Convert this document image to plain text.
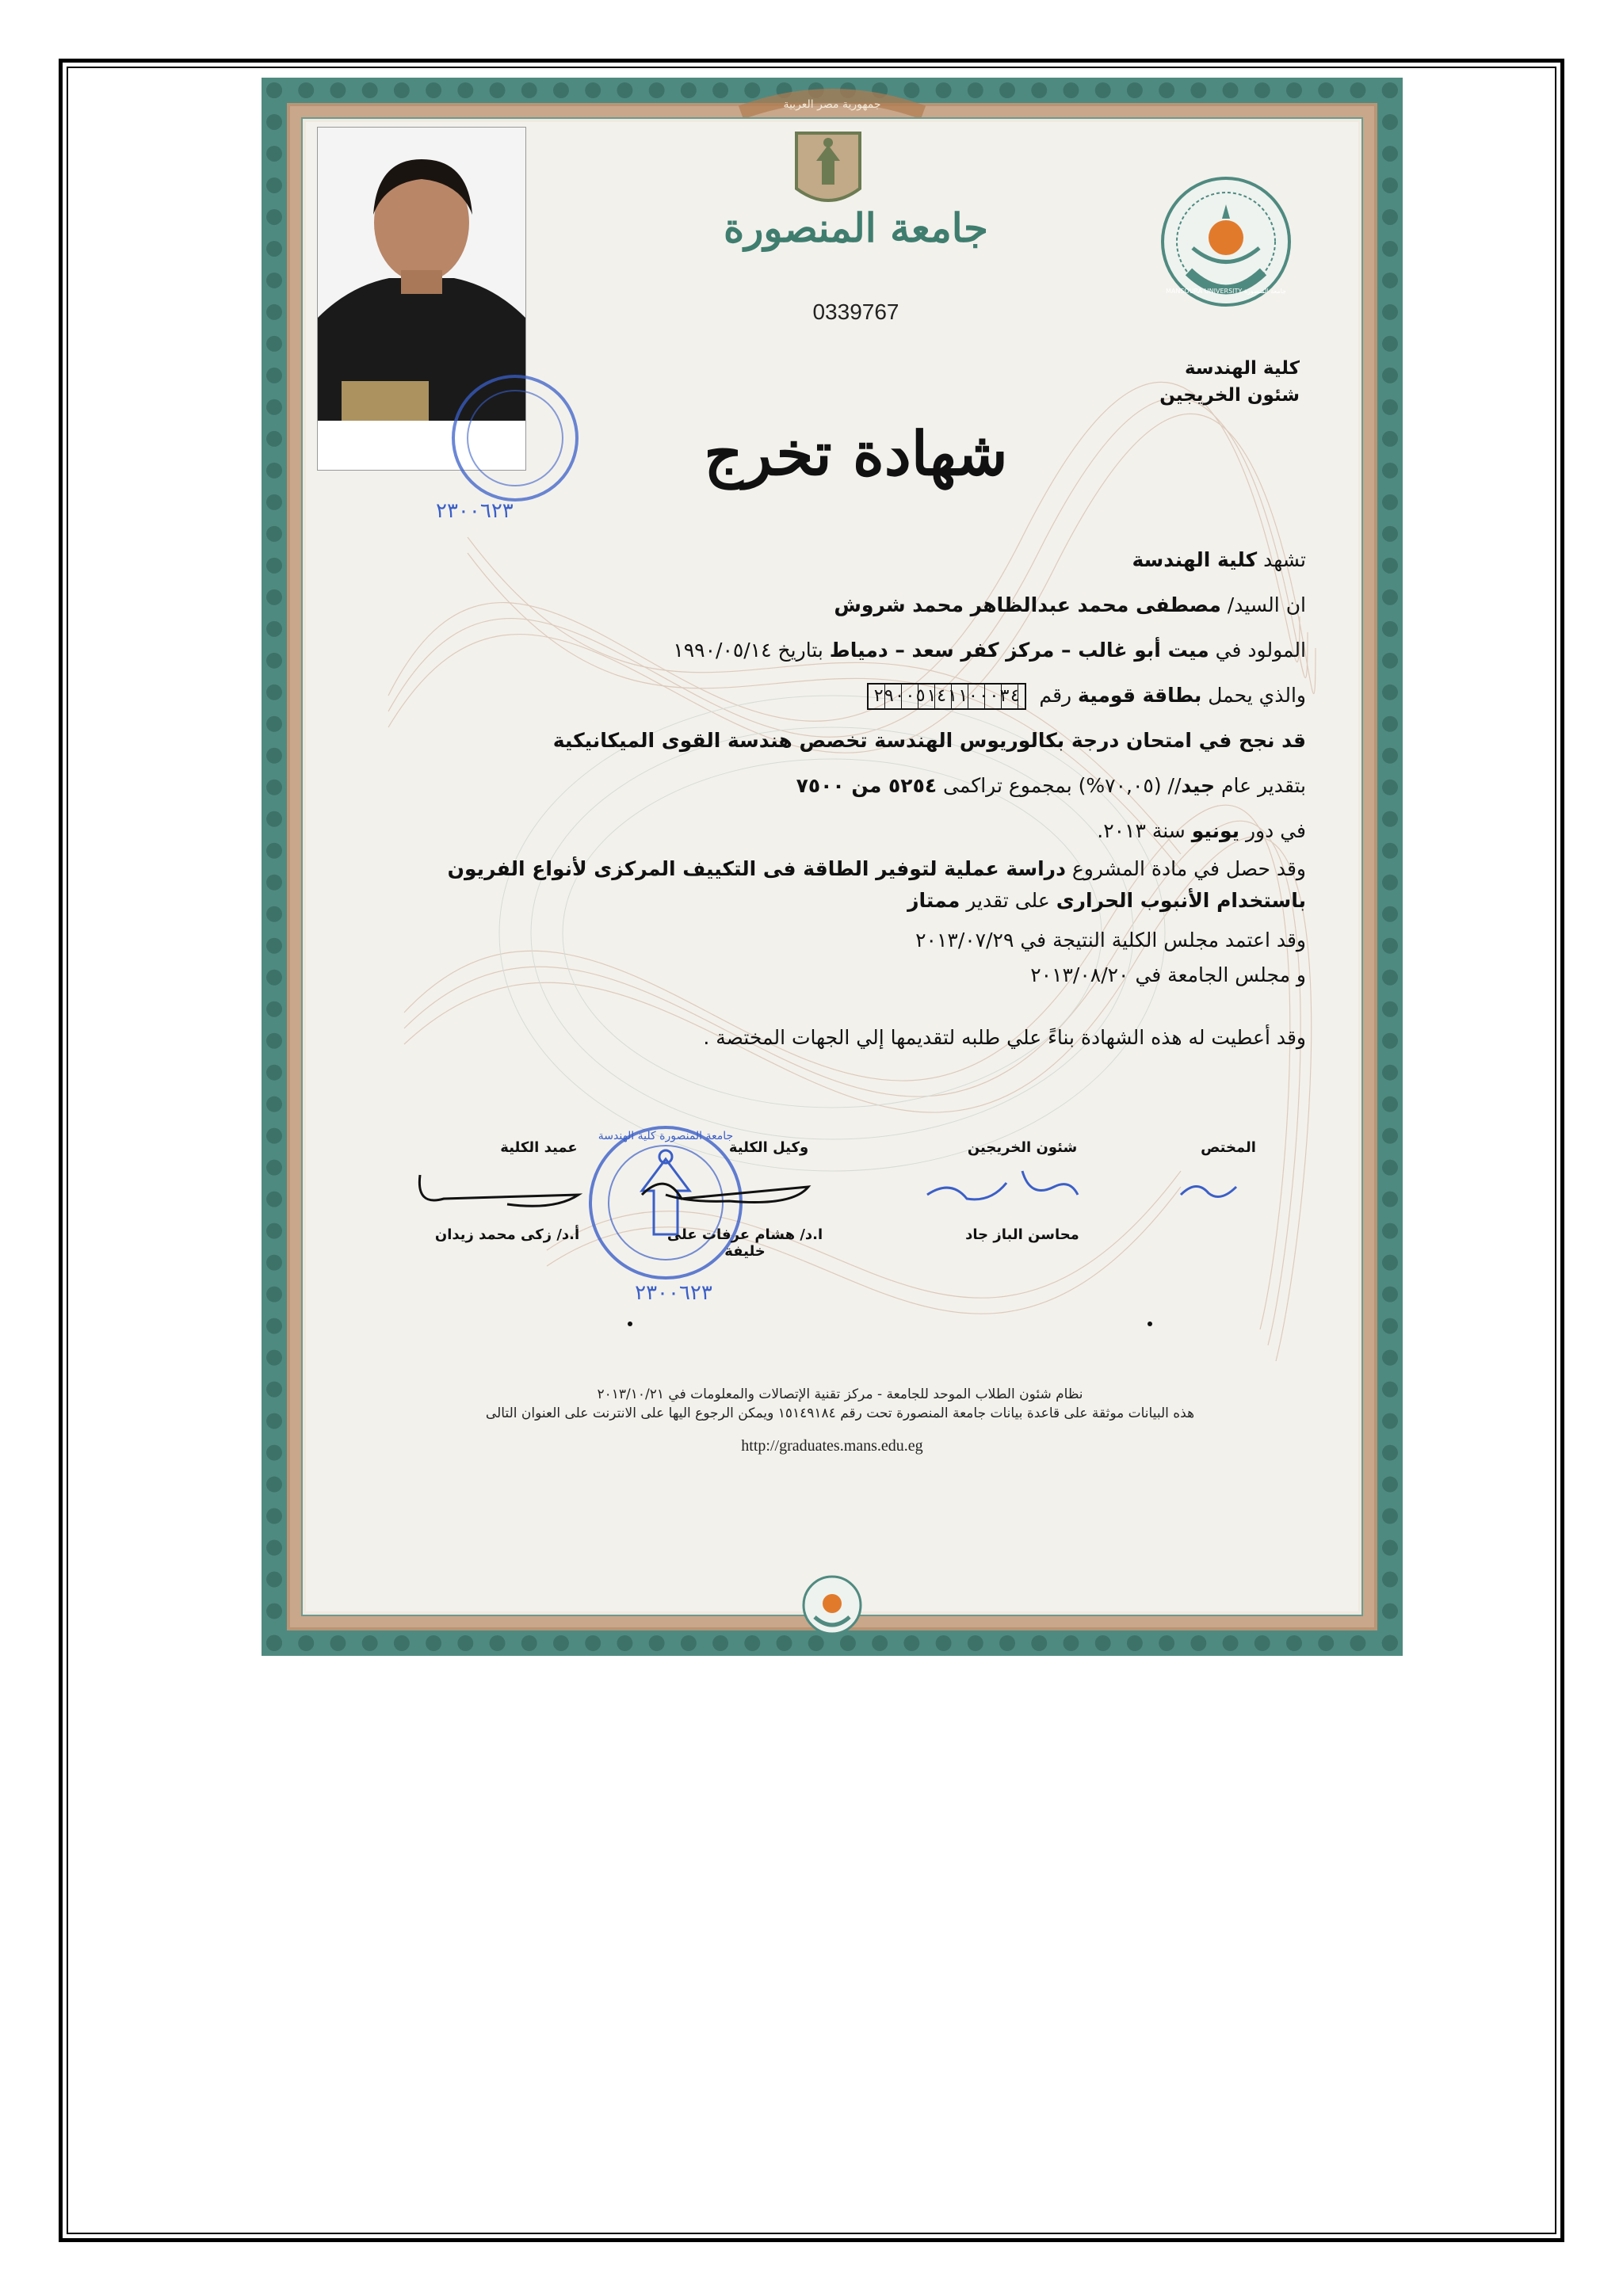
جمهورية مصر العربية
جامعة المنصورة
MANSOURA UNIVERSITY جامعة المنصورة
0339767
كلية الهندسة
شئون الخريجين
٢٣٠٠٦٢٣
شهادة تخرج
تشهد كلية الهندسة
ان السيد/ مصطفى محمد عبدالظاهر محمد شروش
المولود في ميت أبو غالب – مركز كفر سعد – دمياط بتاريخ ١٩٩٠/٠٥/١٤
والذي يحمل بطاقة قومية رقم ٢٩٠٠٥١٤١١٠٠٠٣٤
قد نجح في امتحان درجة بكالوريوس الهندسة تخصص هندسة القوى الميكانيكية
بتقدير عام جيد// (٧٠,٠٥%) بمجموع تراكمى ٥٢٥٤ من ٧٥٠٠
في دور يونيو سنة ٢٠١٣.
وقد حصل في مادة المشروع دراسة عملية لتوفير الطاقة فى التكييف المركزى لأنواع الفريون
باستخدام الأنبوب الحرارى على تقدير ممتاز
وقد اعتمد مجلس الكلية النتيجة في ٢٠١٣/٠٧/٢٩
و مجلس الجامعة في ٢٠١٣/٠٨/٢٠
وقد أعطيت له هذه الشهادة بناءً علي طلبه لتقديمها إلي الجهات المختصة .
جامعة المنصورة كلية الهندسة
٢٣٠٠٦٢٣
المختص
شئون الخريجين
وكيل الكلية
عميد الكلية
محاسن الباز جاد
ا.د/ هشام عرفات على خليفة
أ.د/ زكى محمد زيدان
نظام شئون الطلاب الموحد للجامعة - مركز تقنية الإتصالات والمعلومات في ٢٠١٣/١٠/٢١
هذه البيانات موثقة على قاعدة بيانات جامعة المنصورة تحت رقم ١٥١٤٩١٨٤ ويمكن الرجوع اليها على الانترنت على العنوان التالى
http://graduates.mans.edu.eg
